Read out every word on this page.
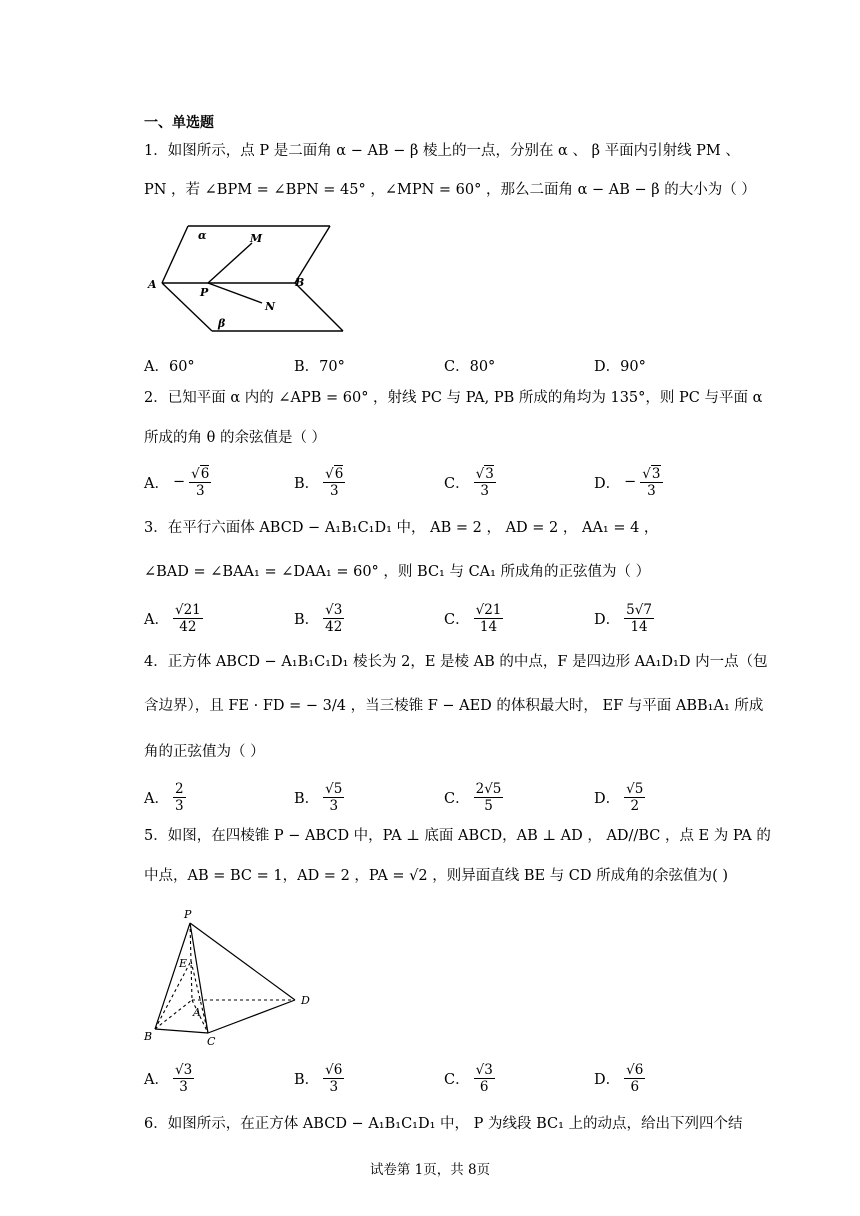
一、单选题
1．如图所示，点 P 是二面角 α − AB − β 棱上的一点，分别在 α 、 β 平面内引射线 PM 、
PN ，若 ∠BPM = ∠BPN = 45° ，∠MPN = 60° ，那么二面角 α − AB − β 的大小为（ ）
α	M
A
P
B
N
β
A．60°	B．70°	C．80°	D．90°
2．已知平面 α 内的 ∠APB = 60° ，射线 PC 与 PA, PB 所成的角均为 135°，则 PC 与平面 α
所成的角 θ 的余弦值是（ ）
A． − $\frac{√6}{3}$	B． $\frac{√6}{3}$	C． $\frac{√3}{3}$	D． − $\frac{√3}{3}$
3．在平行六面体 ABCD − A₁B₁C₁D₁ 中， AB = 2 ， AD = 2 ， AA₁ = 4 ，
∠BAD = ∠BAA₁ = ∠DAA₁ = 60° ，则 BC₁ 与 CA₁ 所成角的正弦值为（ ）
A． $\frac{√21}{42}$	B． $\frac{√3}{42}$	C． $\frac{√21}{14}$	D． $\frac{5√7}{14}$
4．正方体 ABCD − A₁B₁C₁D₁ 棱长为 2，E 是棱 AB 的中点，F 是四边形 AA₁D₁D 内一点（包
含边界），且 FE · FD = − 3/4 ，当三棱锥 F − AED 的体积最大时， EF 与平面 ABB₁A₁ 所成
角的正弦值为（ ）
A． $\frac{2}{3}$	B． $\frac{√5}{3}$	C． $\frac{2√5}{5}$	D． $\frac{√5}{2}$
5．如图，在四棱锥 P − ABCD 中，PA ⊥ 底面 ABCD，AB ⊥ AD ， AD//BC ，点 E 为 PA 的
中点，AB = BC = 1，AD = 2 ，PA = √2 ，则异面直线 BE 与 CD 所成角的余弦值为( )
P
E
A
D
B	C
A． $\frac{√3}{3}$	B． $\frac{√6}{3}$	C． $\frac{√3}{6}$	D． $\frac{√6}{6}$
6．如图所示，在正方体 ABCD − A₁B₁C₁D₁ 中， P 为线段 BC₁ 上的动点，给出下列四个结
试卷第 1页，共 8页
